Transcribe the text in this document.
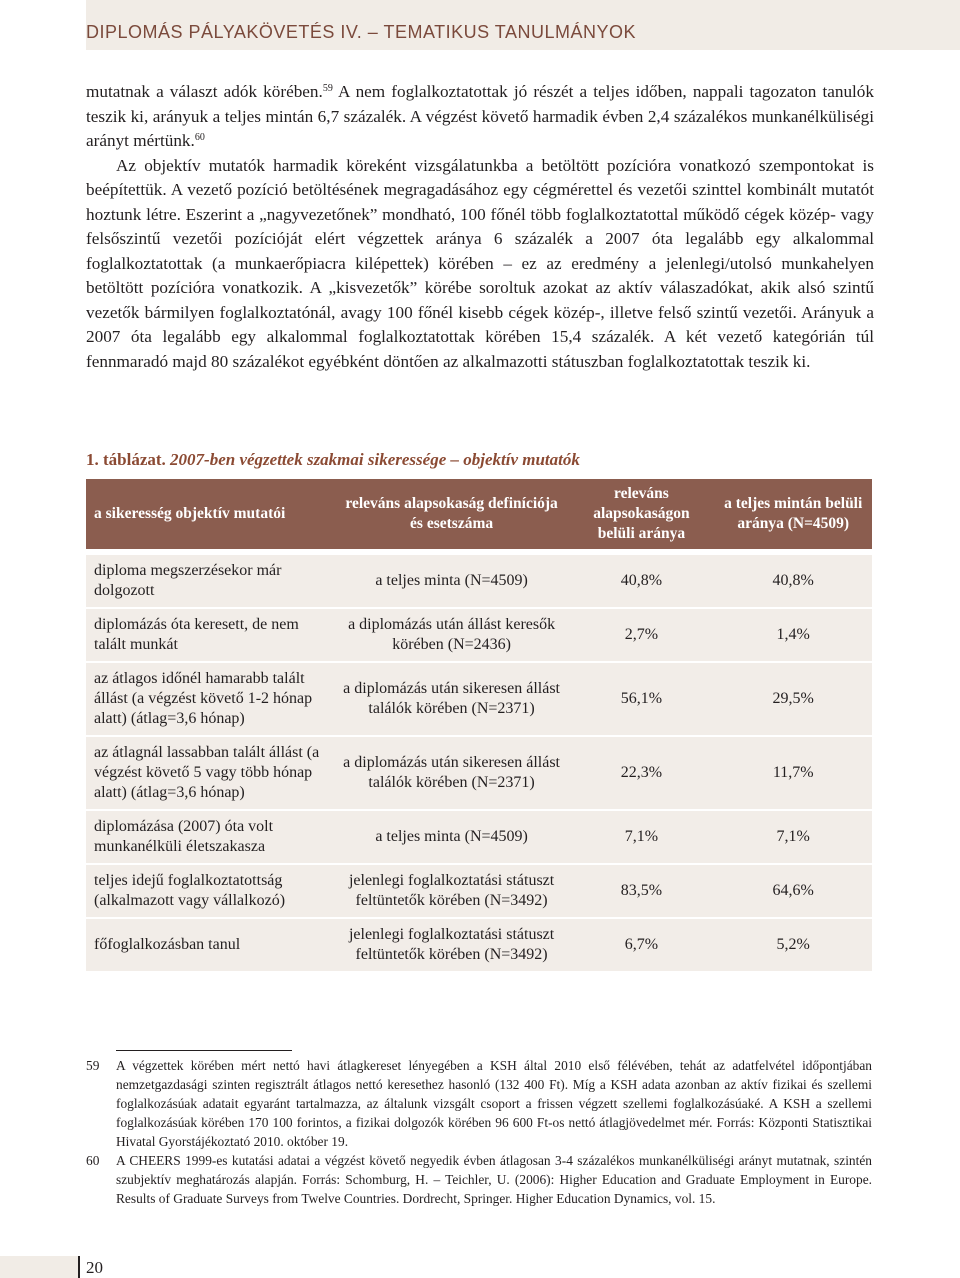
DIPLOMÁS PÁLYAKÖVETÉS IV. – TEMATIKUS TANULMÁNYOK

mutatnak a választ adók körében.$^{59}$ A nem foglalkoztatottak jó részét a teljes időben, nappali tagozaton tanulók teszik ki, arányuk a teljes mintán 6,7 százalék. A végzést követő harmadik évben 2,4 százalékos munkanélküliségi arányt mértünk.$^{60}$

Az objektív mutatók harmadik köreként vizsgálatunkba a betöltött pozícióra vonatkozó szempontokat is beépítettük. A vezető pozíció betöltésének megragadásához egy cégmérettel és vezetői szinttel kombinált mutatót hoztunk létre. Eszerint a „nagyvezetőnek” mondható, 100 főnél több foglalkoztatottal működő cégek közép- vagy felsőszintű vezetői pozícióját elért végzettek aránya 6 százalék a 2007 óta legalább egy alkalommal foglalkoztatottak (a munkaerőpiacra kilépettek) körében – ez az eredmény a jelenlegi/utolsó munkahelyen betöltött pozícióra vonatkozik. A „kisvezetők” körébe soroltuk azokat az aktív válaszadókat, akik alsó szintű vezetők bármilyen foglalkoztatónál, avagy 100 főnél kisebb cégek közép-, illetve felső szintű vezetői. Arányuk a 2007 óta legalább egy alkalommal foglalkoztatottak körében 15,4 százalék. A két vezető kategórián túl fennmaradó majd 80 százalékot egyébként döntően az alkalmazotti státuszban foglalkoztatottak teszik ki.

1. táblázat. 2007-ben végzettek szakmai sikeressége – objektív mutatók
a sikeresség objektív mutatói	releváns alapsokaság definíciója és esetszáma	releváns alapsokaságon belüli aránya	a teljes mintán belüli aránya (N=4509)

diploma megszerzésekor már dolgozott	a teljes minta (N=4509)	40,8%	40,8%
diplomázás óta keresett, de nem talált munkát	a diplomázás után állást keresők körében (N=2436)	2,7%	1,4%
az átlagos időnél hamarabb talált állást (a végzést követő 1-2 hónap alatt) (átlag=3,6 hónap)	a diplomázás után sikeresen állást találók körében (N=2371)	56,1%	29,5%
az átlagnál lassabban talált állást (a végzést követő 5 vagy több hónap alatt) (átlag=3,6 hónap)	a diplomázás után sikeresen állást találók körében (N=2371)	22,3%	11,7%
diplomázása (2007) óta volt munkanélküli életszakasza	a teljes minta (N=4509)	7,1%	7,1%
teljes idejű foglalkoztatottság (alkalmazott vagy vállalkozó)	jelenlegi foglalkoztatási státuszt feltüntetők körében (N=3492)	83,5%	64,6%
főfoglalkozásban tanul	jelenlegi foglalkoztatási státuszt feltüntetők körében (N=3492)	6,7%	5,2%
59	A végzettek körében mért nettó havi átlagkereset lényegében a KSH által 2010 első félévében, tehát az adatfelvétel időpontjában nemzetgazdasági szinten regisztrált átlagos nettó keresethez hasonló (132 400 Ft). Míg a KSH adata azonban az aktív fizikai és szellemi foglalkozásúak adatait egyaránt tartalmazza, az általunk vizsgált csoport a frissen végzett szellemi foglalkozásúaké. A KSH a szellemi foglalkozásúak körében 170 100 forintos, a fizikai dolgozók körében 96 600 Ft-os nettó átlagjövedelmet mér. Forrás: Központi Statisztikai Hivatal Gyorstájékoztató 2010. október 19.
60	A CHEERS 1999-es kutatási adatai a végzést követő negyedik évben átlagosan 3-4 százalékos munkanélküliségi arányt mutatnak, szintén szubjektív meghatározás alapján. Forrás: Schomburg, H. – Teichler, U. (2006): Higher Education and Graduate Employment in Europe. Results of Graduate Surveys from Twelve Countries. Dordrecht, Springer. Higher Education Dynamics, vol. 15.
20
